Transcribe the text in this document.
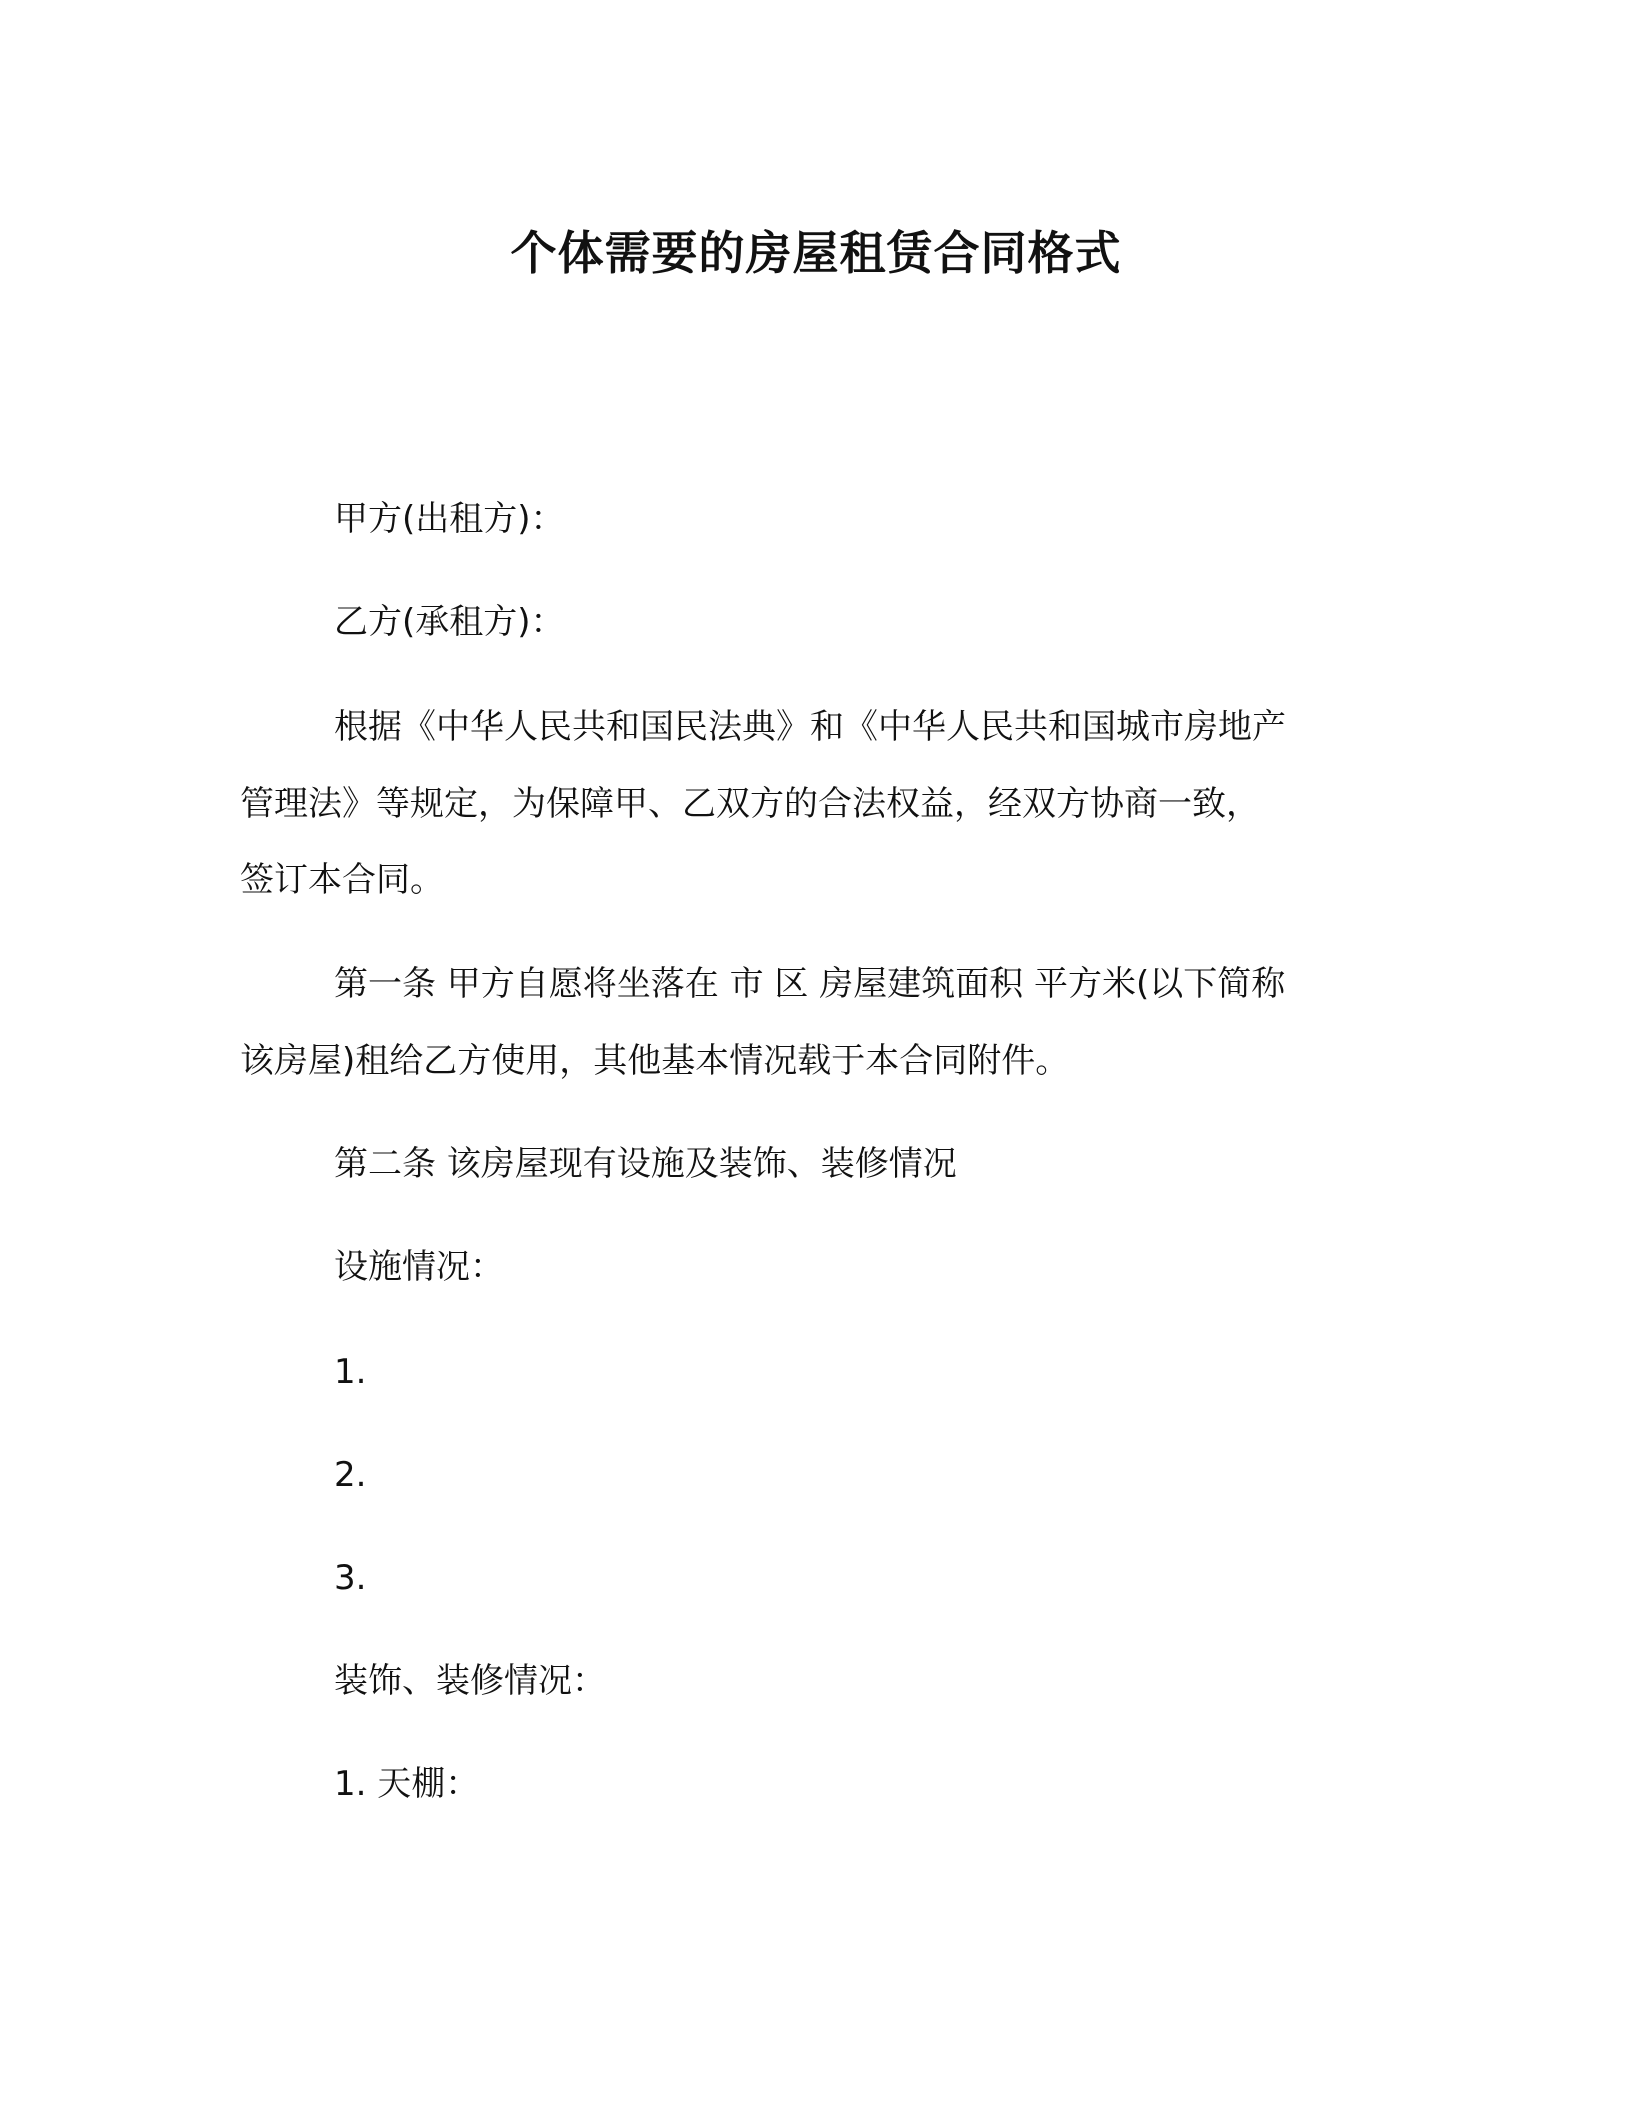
个体需要的房屋租赁合同格式
甲方(出租方)：
乙方(承租方)：
根据《中华人民共和国民法典》和《中华人民共和国城市房地产
管理法》等规定，为保障甲、乙双方的合法权益，经双方协商一致，
签订本合同。
第一条 甲方自愿将坐落在 市 区 房屋建筑面积 平方米(以下简称
该房屋)租给乙方使用，其他基本情况载于本合同附件。
第二条 该房屋现有设施及装饰、装修情况
设施情况：
1.
2.
3.
装饰、装修情况：
1. 天棚：
